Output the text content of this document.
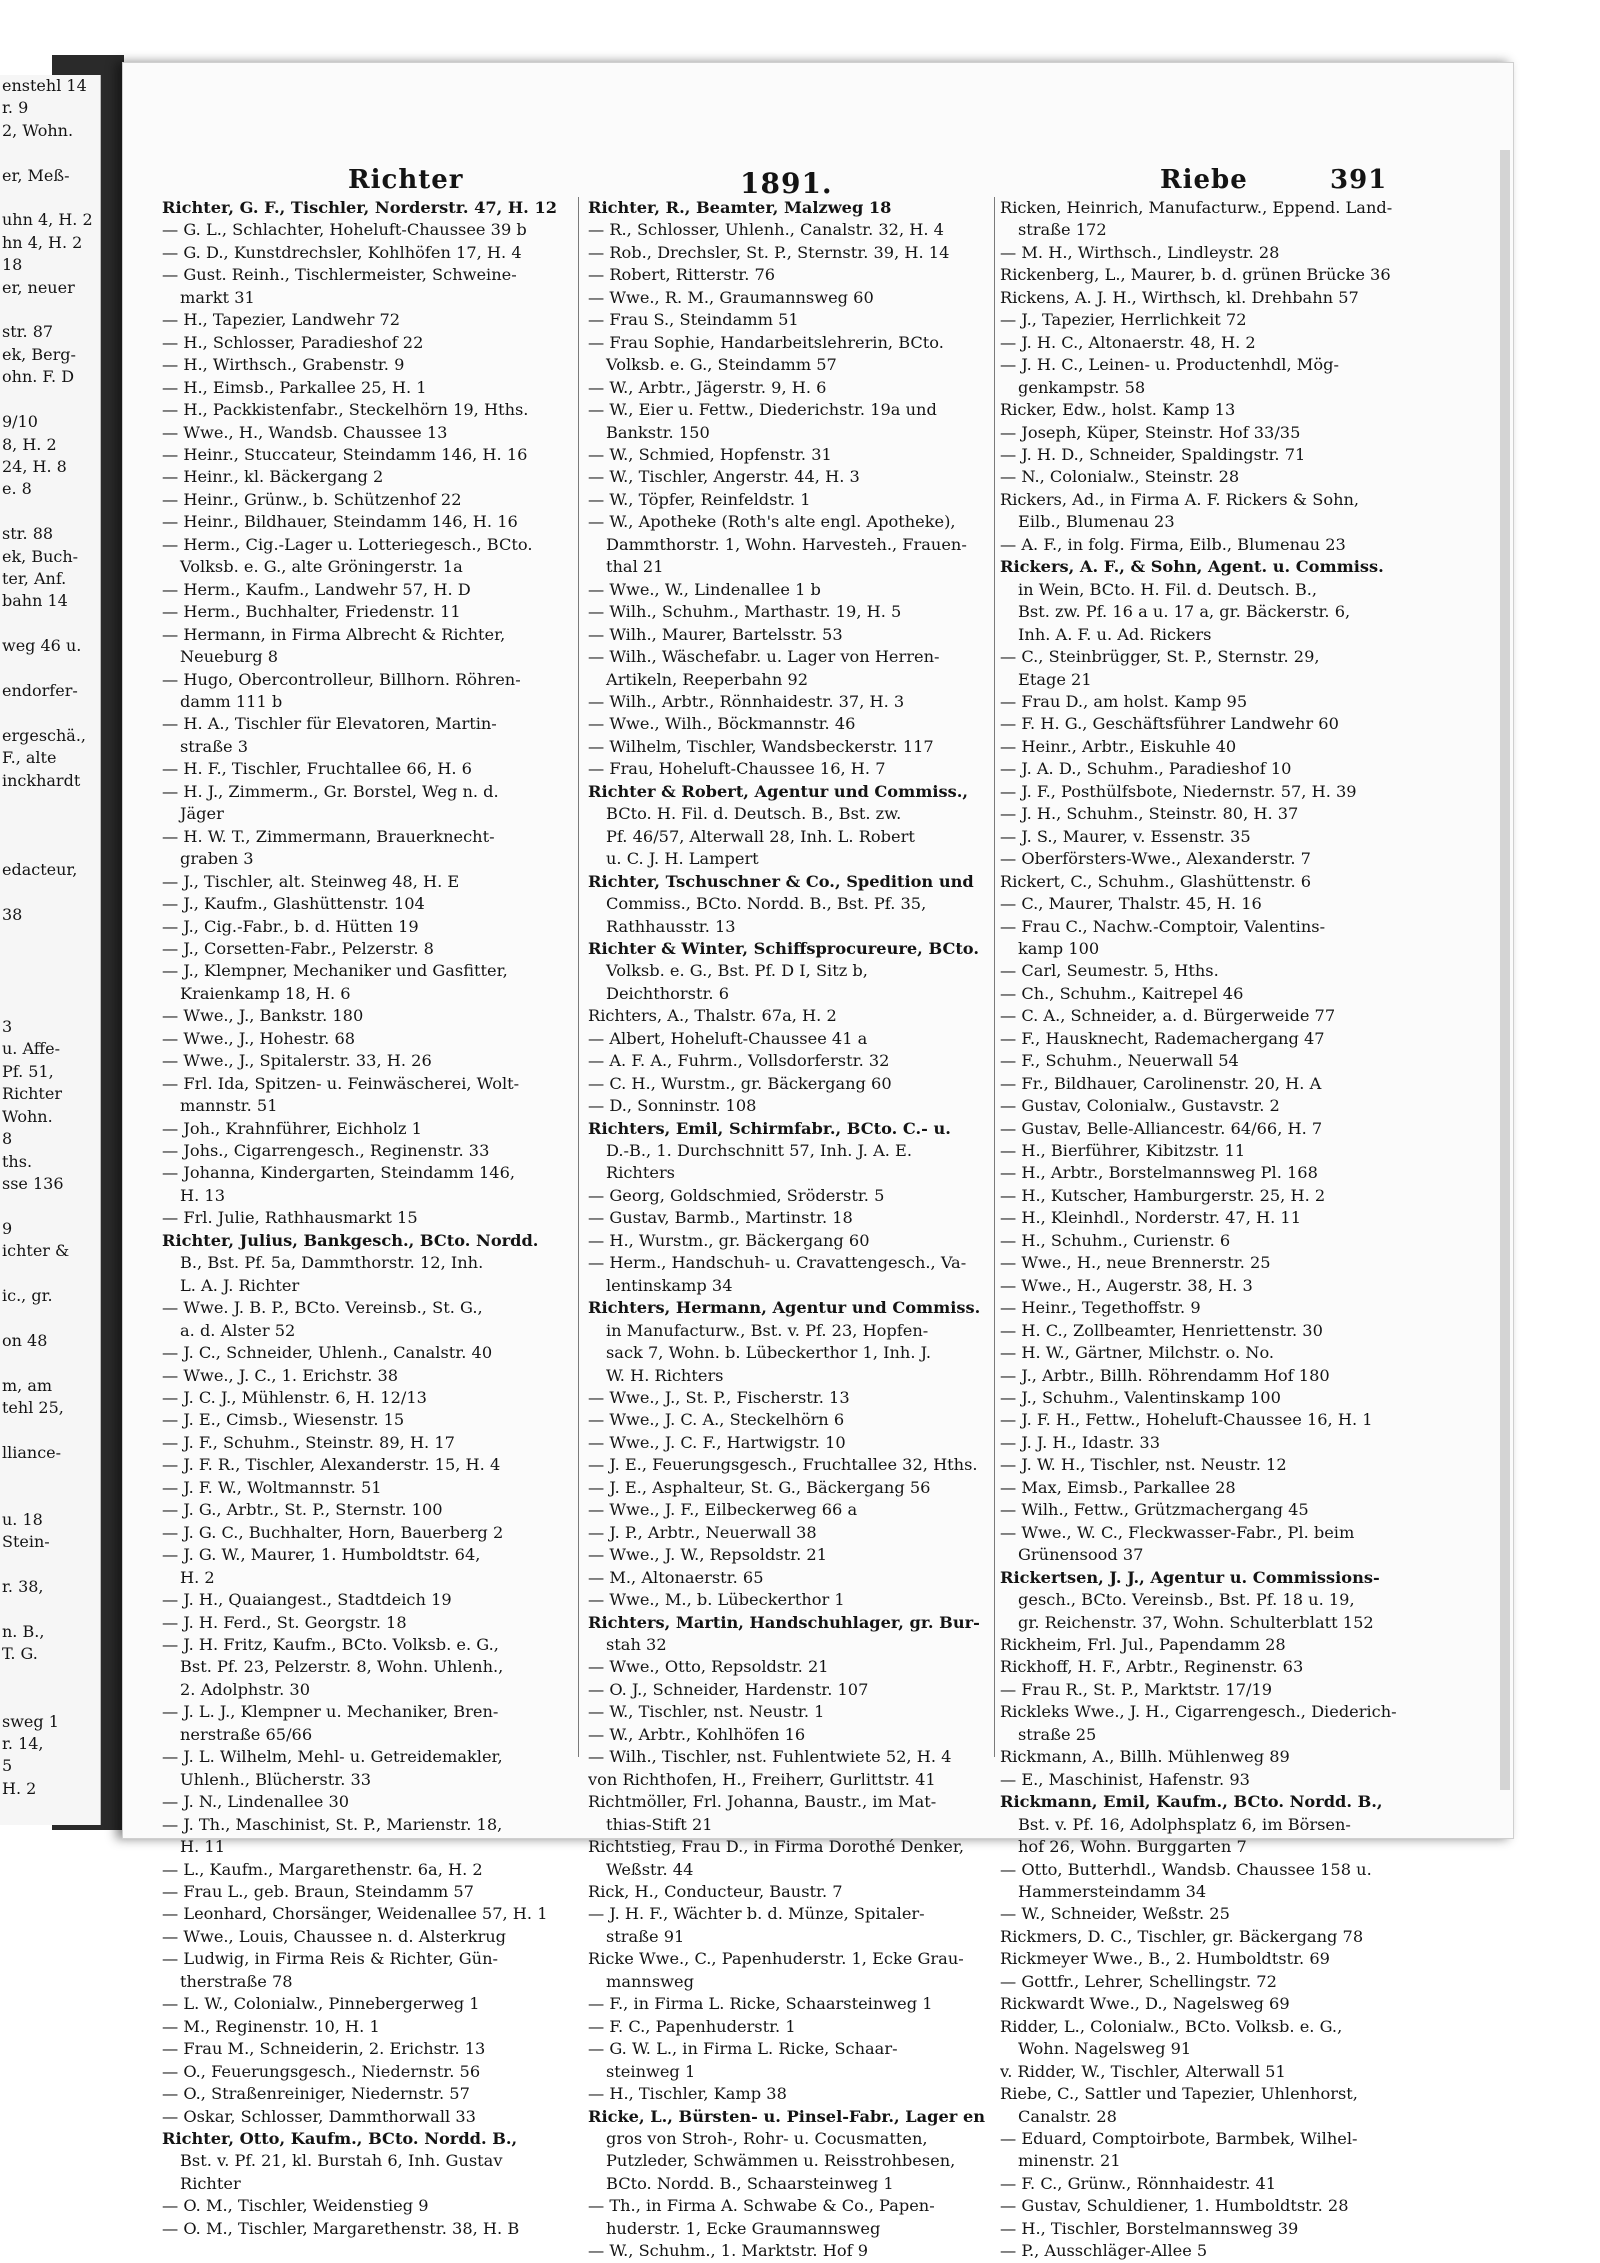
enstehl 14
r. 9
2, Wohn.

er, Meß-

uhn 4, H. 2
hn 4, H. 2
18
er, neuer

str. 87
ek, Berg-
ohn. F. D

9/10
8, H. 2
24, H. 8
e. 8

str. 88
ek, Buch-
ter, Anf.
bahn 14

weg 46 u.

endorfer-

ergeschä.,
F., alte
inckhardt

edacteur,

38

3
u. Affe-
Pf. 51,
Richter
Wohn.
8
ths.
sse 136

9
ichter &

ic., gr.

on 48

m, am
tehl 25,

lliance-

u. 18
Stein-

r. 38,

n. B.,
T. G.

sweg 1
r. 14,
5
H. 2
Richter	1891.	Riebe	391
Richter, G. F., Tischler, Norderstr. 47, H. 12
— G. L., Schlachter, Hoheluft-Chaussee 39 b
— G. D., Kunstdrechsler, Kohlhöfen 17, H. 4
— Gust. Reinh., Tischlermeister, Schweine-
markt 31
— H., Tapezier, Landwehr 72
— H., Schlosser, Paradieshof 22
— H., Wirthsch., Grabenstr. 9
— H., Eimsb., Parkallee 25, H. 1
— H., Packkistenfabr., Steckelhörn 19, Hths.
— Wwe., H., Wandsb. Chaussee 13
— Heinr., Stuccateur, Steindamm 146, H. 16
— Heinr., kl. Bäckergang 2
— Heinr., Grünw., b. Schützenhof 22
— Heinr., Bildhauer, Steindamm 146, H. 16
— Herm., Cig.-Lager u. Lotteriegesch., BCto.
Volksb. e. G., alte Gröningerstr. 1a
— Herm., Kaufm., Landwehr 57, H. D
— Herm., Buchhalter, Friedenstr. 11
— Hermann, in Firma Albrecht & Richter,
Neueburg 8
— Hugo, Obercontrolleur, Billhorn. Röhren-
damm 111 b
— H. A., Tischler für Elevatoren, Martin-
straße 3
— H. F., Tischler, Fruchtallee 66, H. 6
— H. J., Zimmerm., Gr. Borstel, Weg n. d.
Jäger
— H. W. T., Zimmermann, Brauerknecht-
graben 3
— J., Tischler, alt. Steinweg 48, H. E
— J., Kaufm., Glashüttenstr. 104
— J., Cig.-Fabr., b. d. Hütten 19
— J., Corsetten-Fabr., Pelzerstr. 8
— J., Klempner, Mechaniker und Gasfitter,
Kraienkamp 18, H. 6
— Wwe., J., Bankstr. 180
— Wwe., J., Hohestr. 68
— Wwe., J., Spitalerstr. 33, H. 26
— Frl. Ida, Spitzen- u. Feinwäscherei, Wolt-
mannstr. 51
— Joh., Krahnführer, Eichholz 1
— Johs., Cigarrengesch., Reginenstr. 33
— Johanna, Kindergarten, Steindamm 146,
H. 13
— Frl. Julie, Rathhausmarkt 15
Richter, Julius, Bankgesch., BCto. Nordd.
B., Bst. Pf. 5a, Dammthorstr. 12, Inh.
L. A. J. Richter
— Wwe. J. B. P., BCto. Vereinsb., St. G.,
a. d. Alster 52
— J. C., Schneider, Uhlenh., Canalstr. 40
— Wwe., J. C., 1. Erichstr. 38
— J. C. J., Mühlenstr. 6, H. 12/13
— J. E., Cimsb., Wiesenstr. 15
— J. F., Schuhm., Steinstr. 89, H. 17
— J. F. R., Tischler, Alexanderstr. 15, H. 4
— J. F. W., Woltmannstr. 51
— J. G., Arbtr., St. P., Sternstr. 100
— J. G. C., Buchhalter, Horn, Bauerberg 2
— J. G. W., Maurer, 1. Humboldtstr. 64,
H. 2
— J. H., Quaiangest., Stadtdeich 19
— J. H. Ferd., St. Georgstr. 18
— J. H. Fritz, Kaufm., BCto. Volksb. e. G.,
Bst. Pf. 23, Pelzerstr. 8, Wohn. Uhlenh.,
2. Adolphstr. 30
— J. L. J., Klempner u. Mechaniker, Bren-
nerstraße 65/66
— J. L. Wilhelm, Mehl- u. Getreidemakler,
Uhlenh., Blücherstr. 33
— J. N., Lindenallee 30
— J. Th., Maschinist, St. P., Marienstr. 18,
H. 11
— L., Kaufm., Margarethenstr. 6a, H. 2
— Frau L., geb. Braun, Steindamm 57
— Leonhard, Chorsänger, Weidenallee 57, H. 1
— Wwe., Louis, Chaussee n. d. Alsterkrug
— Ludwig, in Firma Reis & Richter, Gün-
therstraße 78
— L. W., Colonialw., Pinnebergerweg 1
— M., Reginenstr. 10, H. 1
— Frau M., Schneiderin, 2. Erichstr. 13
— O., Feuerungsgesch., Niedernstr. 56
— O., Straßenreiniger, Niedernstr. 57
— Oskar, Schlosser, Dammthorwall 33
Richter, Otto, Kaufm., BCto. Nordd. B.,
Bst. v. Pf. 21, kl. Burstah 6, Inh. Gustav
Richter
— O. M., Tischler, Weidenstieg 9
— O. M., Tischler, Margarethenstr. 38, H. B
Richter, R., Beamter, Malzweg 18
— R., Schlosser, Uhlenh., Canalstr. 32, H. 4
— Rob., Drechsler, St. P., Sternstr. 39, H. 14
— Robert, Ritterstr. 76
— Wwe., R. M., Graumannsweg 60
— Frau S., Steindamm 51
— Frau Sophie, Handarbeitslehrerin, BCto.
Volksb. e. G., Steindamm 57
— W., Arbtr., Jägerstr. 9, H. 6
— W., Eier u. Fettw., Diederichstr. 19a und
Bankstr. 150
— W., Schmied, Hopfenstr. 31
— W., Tischler, Angerstr. 44, H. 3
— W., Töpfer, Reinfeldstr. 1
— W., Apotheke (Roth's alte engl. Apotheke),
Dammthorstr. 1, Wohn. Harvesteh., Frauen-
thal 21
— Wwe., W., Lindenallee 1 b
— Wilh., Schuhm., Marthastr. 19, H. 5
— Wilh., Maurer, Bartelsstr. 53
— Wilh., Wäschefabr. u. Lager von Herren-
Artikeln, Reeperbahn 92
— Wilh., Arbtr., Rönnhaidestr. 37, H. 3
— Wwe., Wilh., Böckmannstr. 46
— Wilhelm, Tischler, Wandsbeckerstr. 117
— Frau, Hoheluft-Chaussee 16, H. 7
Richter & Robert, Agentur und Commiss.,
BCto. H. Fil. d. Deutsch. B., Bst. zw.
Pf. 46/57, Alterwall 28, Inh. L. Robert
u. C. J. H. Lampert
Richter, Tschuschner & Co., Spedition und
Commiss., BCto. Nordd. B., Bst. Pf. 35,
Rathhausstr. 13
Richter & Winter, Schiffsprocureure, BCto.
Volksb. e. G., Bst. Pf. D I, Sitz b,
Deichthorstr. 6
Richters, A., Thalstr. 67a, H. 2
— Albert, Hoheluft-Chaussee 41 a
— A. F. A., Fuhrm., Vollsdorferstr. 32
— C. H., Wurstm., gr. Bäckergang 60
— D., Sonninstr. 108
Richters, Emil, Schirmfabr., BCto. C.- u.
D.-B., 1. Durchschnitt 57, Inh. J. A. E.
Richters
— Georg, Goldschmied, Sröderstr. 5
— Gustav, Barmb., Martinstr. 18
— H., Wurstm., gr. Bäckergang 60
— Herm., Handschuh- u. Cravattengesch., Va-
lentinskamp 34
Richters, Hermann, Agentur und Commiss.
in Manufacturw., Bst. v. Pf. 23, Hopfen-
sack 7, Wohn. b. Lübeckerthor 1, Inh. J.
W. H. Richters
— Wwe., J., St. P., Fischerstr. 13
— Wwe., J. C. A., Steckelhörn 6
— Wwe., J. C. F., Hartwigstr. 10
— J. E., Feuerungsgesch., Fruchtallee 32, Hths.
— J. E., Asphalteur, St. G., Bäckergang 56
— Wwe., J. F., Eilbeckerweg 66 a
— J. P., Arbtr., Neuerwall 38
— Wwe., J. W., Repsoldstr. 21
— M., Altonaerstr. 65
— Wwe., M., b. Lübeckerthor 1
Richters, Martin, Handschuhlager, gr. Bur-
stah 32
— Wwe., Otto, Repsoldstr. 21
— O. J., Schneider, Hardenstr. 107
— W., Tischler, nst. Neustr. 1
— W., Arbtr., Kohlhöfen 16
— Wilh., Tischler, nst. Fuhlentwiete 52, H. 4
von Richthofen, H., Freiherr, Gurlittstr. 41
Richtmöller, Frl. Johanna, Baustr., im Mat-
thias-Stift 21
Richtstieg, Frau D., in Firma Dorothé Denker,
Weßstr. 44
Rick, H., Conducteur, Baustr. 7
— J. H. F., Wächter b. d. Münze, Spitaler-
straße 91
Ricke Wwe., C., Papenhuderstr. 1, Ecke Grau-
mannsweg
— F., in Firma L. Ricke, Schaarsteinweg 1
— F. C., Papenhuderstr. 1
— G. W. L., in Firma L. Ricke, Schaar-
steinweg 1
— H., Tischler, Kamp 38
Ricke, L., Bürsten- u. Pinsel-Fabr., Lager en
gros von Stroh-, Rohr- u. Cocusmatten,
Putzleder, Schwämmen u. Reisstrohbesen,
BCto. Nordd. B., Schaarsteinweg 1
— Th., in Firma A. Schwabe & Co., Papen-
huderstr. 1, Ecke Graumannsweg
— W., Schuhm., 1. Marktstr. Hof 9
Ricken, Heinrich, Manufacturw., Eppend. Land-
straße 172
— M. H., Wirthsch., Lindleystr. 28
Rickenberg, L., Maurer, b. d. grünen Brücke 36
Rickens, A. J. H., Wirthsch, kl. Drehbahn 57
— J., Tapezier, Herrlichkeit 72
— J. H. C., Altonaerstr. 48, H. 2
— J. H. C., Leinen- u. Productenhdl, Mög-
genkampstr. 58
Ricker, Edw., holst. Kamp 13
— Joseph, Küper, Steinstr. Hof 33/35
— J. H. D., Schneider, Spaldingstr. 71
— N., Colonialw., Steinstr. 28
Rickers, Ad., in Firma A. F. Rickers & Sohn,
Eilb., Blumenau 23
— A. F., in folg. Firma, Eilb., Blumenau 23
Rickers, A. F., & Sohn, Agent. u. Commiss.
in Wein, BCto. H. Fil. d. Deutsch. B.,
Bst. zw. Pf. 16 a u. 17 a, gr. Bäckerstr. 6,
Inh. A. F. u. Ad. Rickers
— C., Steinbrügger, St. P., Sternstr. 29,
Etage 21
— Frau D., am holst. Kamp 95
— F. H. G., Geschäftsführer Landwehr 60
— Heinr., Arbtr., Eiskuhle 40
— J. A. D., Schuhm., Paradieshof 10
— J. F., Posthülfsbote, Niedernstr. 57, H. 39
— J. H., Schuhm., Steinstr. 80, H. 37
— J. S., Maurer, v. Essenstr. 35
— Oberförsters-Wwe., Alexanderstr. 7
Rickert, C., Schuhm., Glashüttenstr. 6
— C., Maurer, Thalstr. 45, H. 16
— Frau C., Nachw.-Comptoir, Valentins-
kamp 100
— Carl, Seumestr. 5, Hths.
— Ch., Schuhm., Kaitrepel 46
— C. A., Schneider, a. d. Bürgerweide 77
— F., Hausknecht, Rademachergang 47
— F., Schuhm., Neuerwall 54
— Fr., Bildhauer, Carolinenstr. 20, H. A
— Gustav, Colonialw., Gustavstr. 2
— Gustav, Belle-Alliancestr. 64/66, H. 7
— H., Bierführer, Kibitzstr. 11
— H., Arbtr., Borstelmannsweg Pl. 168
— H., Kutscher, Hamburgerstr. 25, H. 2
— H., Kleinhdl., Norderstr. 47, H. 11
— H., Schuhm., Curienstr. 6
— Wwe., H., neue Brennerstr. 25
— Wwe., H., Augerstr. 38, H. 3
— Heinr., Tegethoffstr. 9
— H. C., Zollbeamter, Henriettenstr. 30
— H. W., Gärtner, Milchstr. o. No.
— J., Arbtr., Billh. Röhrendamm Hof 180
— J., Schuhm., Valentinskamp 100
— J. F. H., Fettw., Hoheluft-Chaussee 16, H. 1
— J. J. H., Idastr. 33
— J. W. H., Tischler, nst. Neustr. 12
— Max, Eimsb., Parkallee 28
— Wilh., Fettw., Grützmachergang 45
— Wwe., W. C., Fleckwasser-Fabr., Pl. beim
Grünensood 37
Rickertsen, J. J., Agentur u. Commissions-
gesch., BCto. Vereinsb., Bst. Pf. 18 u. 19,
gr. Reichenstr. 37, Wohn. Schulterblatt 152
Rickheim, Frl. Jul., Papendamm 28
Rickhoff, H. F., Arbtr., Reginenstr. 63
— Frau R., St. P., Marktstr. 17/19
Rickleks Wwe., J. H., Cigarrengesch., Diederich-
straße 25
Rickmann, A., Billh. Mühlenweg 89
— E., Maschinist, Hafenstr. 93
Rickmann, Emil, Kaufm., BCto. Nordd. B.,
Bst. v. Pf. 16, Adolphsplatz 6, im Börsen-
hof 26, Wohn. Burggarten 7
— Otto, Butterhdl., Wandsb. Chaussee 158 u.
Hammersteindamm 34
— W., Schneider, Weßstr. 25
Rickmers, D. C., Tischler, gr. Bäckergang 78
Rickmeyer Wwe., B., 2. Humboldtstr. 69
— Gottfr., Lehrer, Schellingstr. 72
Rickwardt Wwe., D., Nagelsweg 69
Ridder, L., Colonialw., BCto. Volksb. e. G.,
Wohn. Nagelsweg 91
v. Ridder, W., Tischler, Alterwall 51
Riebe, C., Sattler und Tapezier, Uhlenhorst,
Canalstr. 28
— Eduard, Comptoirbote, Barmbek, Wilhel-
minenstr. 21
— F. C., Grünw., Rönnhaidestr. 41
— Gustav, Schuldiener, 1. Humboldtstr. 28
— H., Tischler, Borstelmannsweg 39
— P., Ausschläger-Allee 5
